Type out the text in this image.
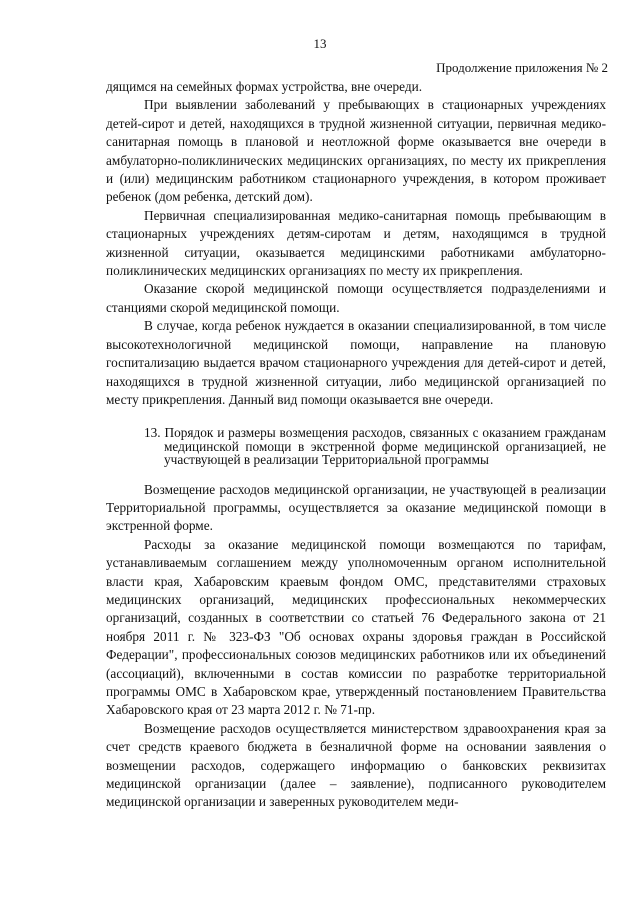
13
Продолжение приложения № 2

дящимся на семейных формах устройства, вне очереди.

При выявлении заболеваний у пребывающих в стационарных учреждениях детей-сирот и детей, находящихся в трудной жизненной ситуации, первичная медико-санитарная помощь в плановой и неотложной форме оказывается вне очереди в амбулаторно-поликлинических медицинских организациях, по месту их прикрепления и (или) медицинским работником стационарного учреждения, в котором проживает ребенок (дом ребенка, детский дом).

Первичная специализированная медико-санитарная помощь пребывающим в стационарных учреждениях детям-сиротам и детям, находящимся в трудной жизненной ситуации, оказывается медицинскими работниками амбулаторно-поликлинических медицинских организациях по месту их прикрепления.

Оказание скорой медицинской помощи осуществляется подразделениями и станциями скорой медицинской помощи.

В случае, когда ребенок нуждается в оказании специализированной, в том числе высокотехнологичной медицинской помощи, направление на плановую госпитализацию выдается врачом стационарного учреждения для детей-сирот и детей, находящихся в трудной жизненной ситуации, либо медицинской организацией по месту прикрепления. Данный вид помощи оказывается вне очереди.

13. Порядок и размеры возмещения расходов, связанных с оказанием гражданам медицинской помощи в экстренной форме медицинской организацией, не участвующей в реализации Территориальной программы

Возмещение расходов медицинской организации, не участвующей в реализации Территориальной программы, осуществляется за оказание медицинской помощи в экстренной форме.

Расходы за оказание медицинской помощи возмещаются по тарифам, устанавливаемым соглашением между уполномоченным органом исполнительной власти края, Хабаровским краевым фондом ОМС, представителями страховых медицинских организаций, медицинских профессиональных некоммерческих организаций, созданных в соответствии со статьей 76 Федерального закона от 21 ноября 2011 г. № 323-ФЗ "Об основах охраны здоровья граждан в Российской Федерации", профессиональных союзов медицинских работников или их объединений (ассоциаций), включенными в состав комиссии по разработке территориальной программы ОМС в Хабаровском крае, утвержденный постановлением Правительства Хабаровского края от 23 марта 2012 г. № 71-пр.

Возмещение расходов осуществляется министерством здравоохранения края за счет средств краевого бюджета в безналичной форме на основании заявления о возмещении расходов, содержащего информацию о банковских реквизитах медицинской организации (далее – заявление), подписанного руководителем медицинской организации и заверенных руководителем меди-
